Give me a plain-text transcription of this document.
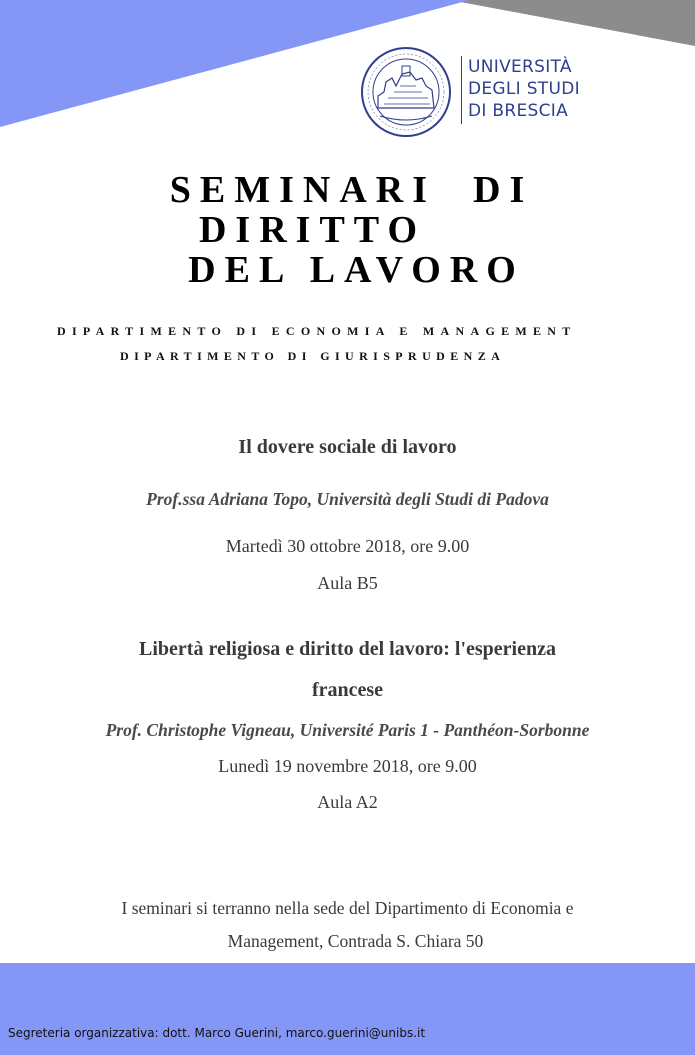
UNIVERSITÀ
DEGLI STUDI
DI BRESCIA
SEMINARI  DI
DIRITTO
DEL LAVORO
DIPARTIMENTO DI ECONOMIA E MANAGEMENT
DIPARTIMENTO DI GIURISPRUDENZA
Il dovere sociale di lavoro
Prof.ssa Adriana Topo, Università degli Studi di Padova
Martedì 30 ottobre 2018, ore 9.00
Aula B5
Libertà religiosa e diritto del lavoro: l'esperienza
francese
Prof. Christophe Vigneau, Université Paris 1 - Panthéon-Sorbonne
Lunedì 19 novembre 2018, ore 9.00
Aula A2
I seminari si terranno nella sede del Dipartimento di Economia e
Management, Contrada S. Chiara 50
Segreteria organizzativa: dott. Marco Guerini, marco.guerini@unibs.it
